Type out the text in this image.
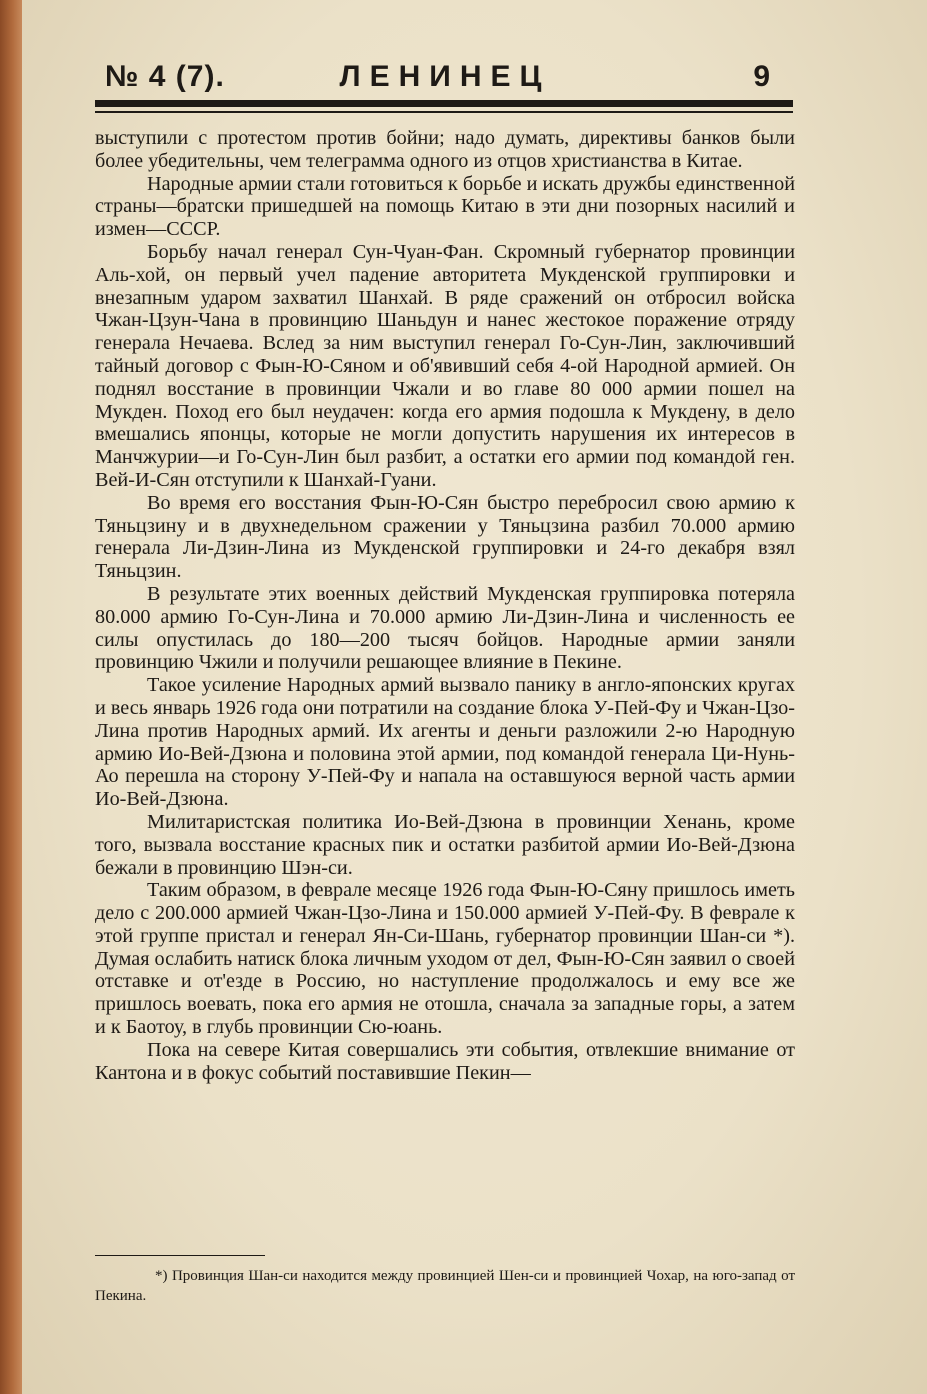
№ 4 (7).	ЛЕНИНЕЦ	9

выступили с протестом против бойни; надо думать, директивы банков были более убедительны, чем телеграмма одного из отцов христианства в Китае.

Народные армии стали готовиться к борьбе и искать дружбы единственной страны—братски пришедшей на помощь Китаю в эти дни позорных насилий и измен—СССР.

Борьбу начал генерал Сун-Чуан-Фан. Скромный губернатор провинции Аль-хой, он первый учел падение авторитета Мукденской группировки и внезапным ударом захватил Шанхай. В ряде сражений он отбросил войска Чжан-Цзун-Чана в провинцию Шаньдун и нанес жестокое поражение отряду генерала Нечаева. Вслед за ним выступил генерал Го-Сун-Лин, заключивший тайный договор с Фын-Ю-Сяном и об'явивший себя 4-ой Народной армией. Он поднял восстание в провинции Чжали и во главе 80 000 армии пошел на Мукден. Поход его был неудачен: когда его армия подошла к Мукдену, в дело вмешались японцы, которые не могли допустить нарушения их интересов в Манчжурии—и Го-Сун-Лин был разбит, а остатки его армии под командой ген. Вей-И-Сян отступили к Шанхай-Гуани.

Во время его восстания Фын-Ю-Сян быстро перебросил свою армию к Тяньцзину и в двухнедельном сражении у Тяньцзина разбил 70.000 армию генерала Ли-Дзин-Лина из Мукденской группировки и 24-го декабря взял Тяньцзин.

В результате этих военных действий Мукденская группировка потеряла 80.000 армию Го-Сун-Лина и 70.000 армию Ли-Дзин-Лина и численность ее силы опустилась до 180—200 тысяч бойцов. Народные армии заняли провинцию Чжили и получили решающее влияние в Пекине.

Такое усиление Народных армий вызвало панику в англо-японских кругах и весь январь 1926 года они потратили на создание блока У-Пей-Фу и Чжан-Цзо-Лина против Народных армий. Их агенты и деньги разложили 2-ю Народную армию Ио-Вей-Дзюна и половина этой армии, под командой генерала Ци-Нунь-Ао перешла на сторону У-Пей-Фу и напала на оставшуюся верной часть армии Ио-Вей-Дзюна.

Милитаристская политика Ио-Вей-Дзюна в провинции Хенань, кроме того, вызвала восстание красных пик и остатки разбитой армии Ио-Вей-Дзюна бежали в провинцию Шэн-си.

Таким образом, в феврале месяце 1926 года Фын-Ю-Сяну пришлось иметь дело с 200.000 армией Чжан-Цзо-Лина и 150.000 армией У-Пей-Фу. В феврале к этой группе пристал и генерал Ян-Си-Шань, губернатор провинции Шан-си *). Думая ослабить натиск блока личным уходом от дел, Фын-Ю-Сян заявил о своей отставке и от'езде в Россию, но наступление продолжалось и ему все же пришлось воевать, пока его армия не отошла, сначала за западные горы, а затем и к Баотоу, в глубь провинции Сю-юань.

Пока на севере Китая совершались эти события, отвлекшие внимание от Кантона и в фокус событий поставившие Пекин—

*) Провинция Шан-си находится между провинцией Шен-си и провинцией Чохар, на юго-запад от Пекина.
